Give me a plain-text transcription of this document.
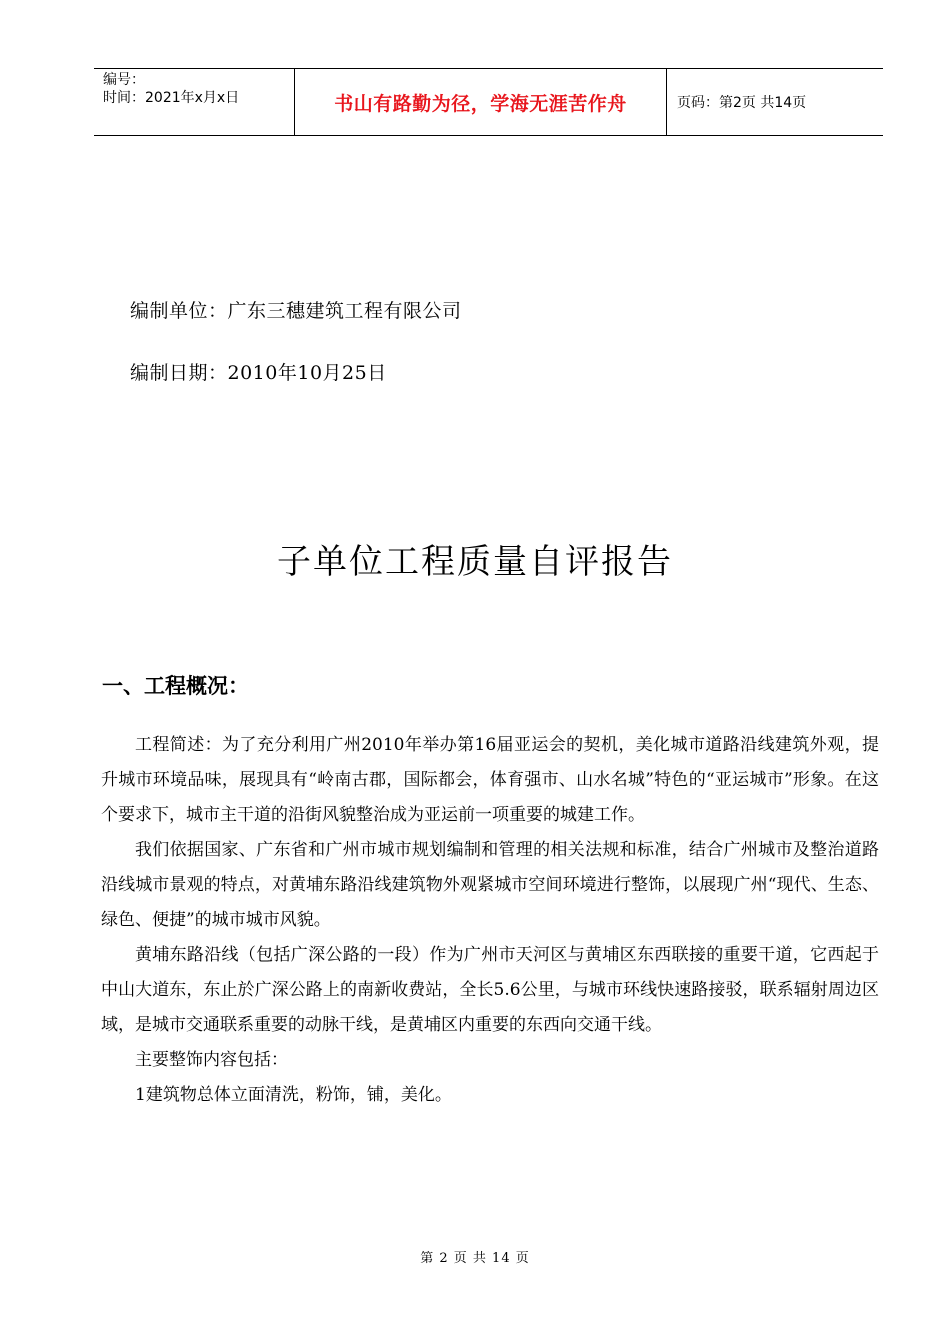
编号：
时间：2021年x月x日	书山有路勤为径，学海无涯苦作舟	页码：第2页 共14页
编制单位：广东三穗建筑工程有限公司
编制日期：2010年10月25日
子单位工程质量自评报告
一、工程概况：

工程简述：为了充分利用广州2010年举办第16届亚运会的契机，美化城市道路沿线建筑外观，提升城市环境品味，展现具有“岭南古郡，国际都会，体育强市、山水名城”特色的“亚运城市”形象。在这个要求下，城市主干道的沿街风貌整治成为亚运前一项重要的城建工作。

我们依据国家、广东省和广州市城市规划编制和管理的相关法规和标准，结合广州城市及整治道路沿线城市景观的特点，对黄埔东路沿线建筑物外观紧城市空间环境进行整饰，以展现广州“现代、生态、绿色、便捷”的城市城市风貌。

黄埔东路沿线（包括广深公路的一段）作为广州市天河区与黄埔区东西联接的重要干道，它西起于中山大道东，东止於广深公路上的南新收费站，全长5.6公里，与城市环线快速路接驳，联系辐射周边区域，是城市交通联系重要的动脉干线，是黄埔区内重要的东西向交通干线。

主要整饰内容包括：

1建筑物总体立面清洗，粉饰，铺，美化。

第 2 页 共 14 页
